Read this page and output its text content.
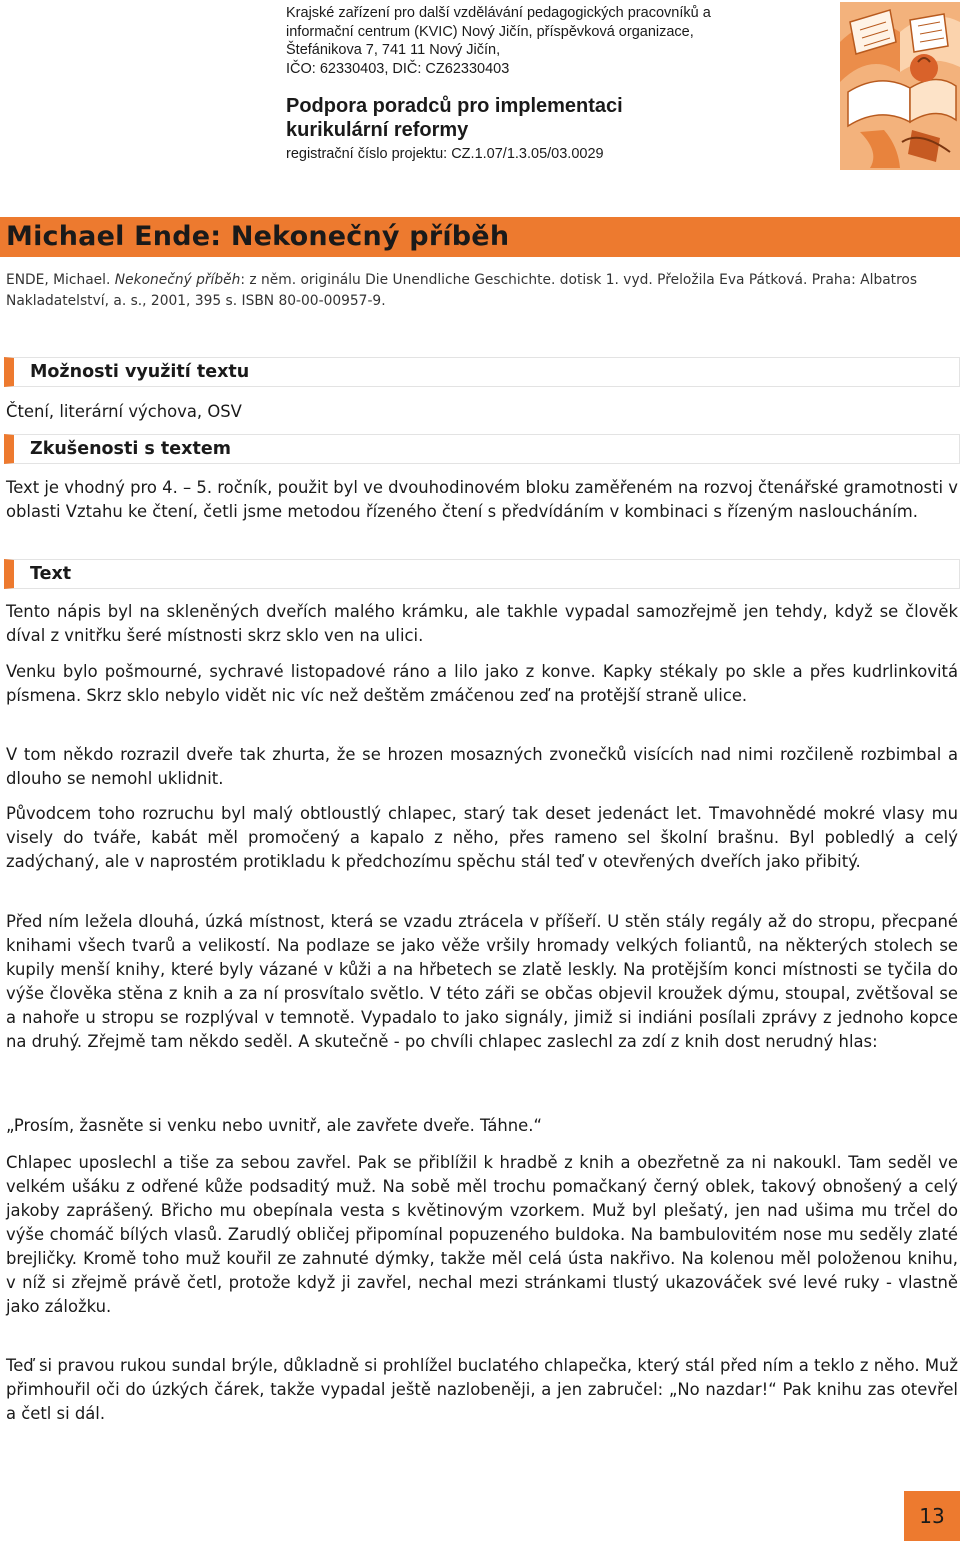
Krajské zařízení pro další vzdělávání pedagogických pracovníků a
informační centrum (KVIC) Nový Jičín, příspěvková organizace,
Štefánikova 7, 741 11 Nový Jičín,
IČO: 62330403, DIČ: CZ62330403
Podpora poradců pro implementaci
kurikulární reformy
registrační číslo projektu: CZ.1.07/1.3.05/03.0029
Michael Ende: Nekonečný příběh
ENDE, Michael. Nekonečný příběh: z něm. originálu Die Unendliche Geschichte. dotisk 1. vyd. Přeložila Eva Pátková. Praha: Albatros Nakladatelství, a. s., 2001, 395 s. ISBN 80-00-00957-9.
Možnosti využití textu

Čtení, literární výchova, OSV

Zkušenosti s textem

Text je vhodný pro 4. – 5. ročník, použit byl ve dvouhodinovém bloku zaměřeném na rozvoj čtenářské gramotnosti v oblasti Vztahu ke čtení, četli jsme metodou řízeného čtení s předvídáním v kombinaci s řízeným nasloucháním.

Text

Tento nápis byl na skleněných dveřích malého krámku, ale takhle vypadal samozřejmě jen tehdy, když se člověk díval z vnitřku šeré místnosti skrz sklo ven na ulici.

Venku bylo pošmourné, sychravé listopadové ráno a lilo jako z konve. Kapky stékaly po skle a přes kudrlinkovitá písmena. Skrz sklo nebylo vidět nic víc než deštěm zmáčenou zeď na protější straně ulice.

V tom někdo rozrazil dveře tak zhurta, že se hrozen mosazných zvonečků visících nad nimi rozčileně rozbimbal a dlouho se nemohl uklidnit.

Původcem toho rozruchu byl malý obtloustlý chlapec, starý tak deset jedenáct let. Tmavohnědé mokré vlasy mu visely do tváře, kabát měl promočený a kapalo z něho, přes rameno sel školní brašnu. Byl pobledlý a celý zadýchaný, ale v naprostém protikladu k předchozímu spěchu stál teď v otevřených dveřích jako přibitý.

Před ním ležela dlouhá, úzká místnost, která se vzadu ztrácela v příšeří. U stěn stály regály až do stropu, přecpané knihami všech tvarů a velikostí. Na podlaze se jako věže vršily hromady velkých foliantů, na některých stolech se kupily menší knihy, které byly vázané v kůži a na hřbetech se zlatě leskly. Na protějším konci místnosti se tyčila do výše člověka stěna z knih a za ní prosvítalo světlo. V této záři se občas objevil kroužek dýmu, stoupal, zvětšoval se a nahoře u stropu se rozplýval v temnotě. Vypadalo to jako signály, jimiž si indiáni posílali zprávy z jednoho kopce na druhý. Zřejmě tam někdo seděl. A skutečně - po chvíli chlapec zaslechl za zdí z knih dost nerudný hlas:

„Prosím, žasněte si venku nebo uvnitř, ale zavřete dveře. Táhne.“

Chlapec uposlechl a tiše za sebou zavřel. Pak se přiblížil k hradbě z knih a obezřetně za ni nakoukl. Tam seděl ve velkém ušáku z odřené kůže podsaditý muž. Na sobě měl trochu pomačkaný černý oblek, takový obnošený a celý jakoby zaprášený. Břicho mu obepínala vesta s květinovým vzorkem. Muž byl plešatý, jen nad ušima mu trčel do výše chomáč bílých vlasů. Zarudlý obličej připomínal popuzeného buldoka. Na bambulovitém nose mu seděly zlaté brejličky. Kromě toho muž kouřil ze zahnuté dýmky, takže měl celá ústa nakřivo. Na kolenou měl položenou knihu, v níž si zřejmě právě četl, protože když ji zavřel, nechal mezi stránkami tlustý ukazováček své levé ruky - vlastně jako záložku.

Teď si pravou rukou sundal brýle, důkladně si prohlížel buclatého chlapečka, který stál před ním a teklo z něho. Muž přimhouřil oči do úzkých čárek, takže vypadal ještě nazlobeněji, a jen zabručel: „No nazdar!“ Pak knihu zas otevřel a četl si dál.

13
